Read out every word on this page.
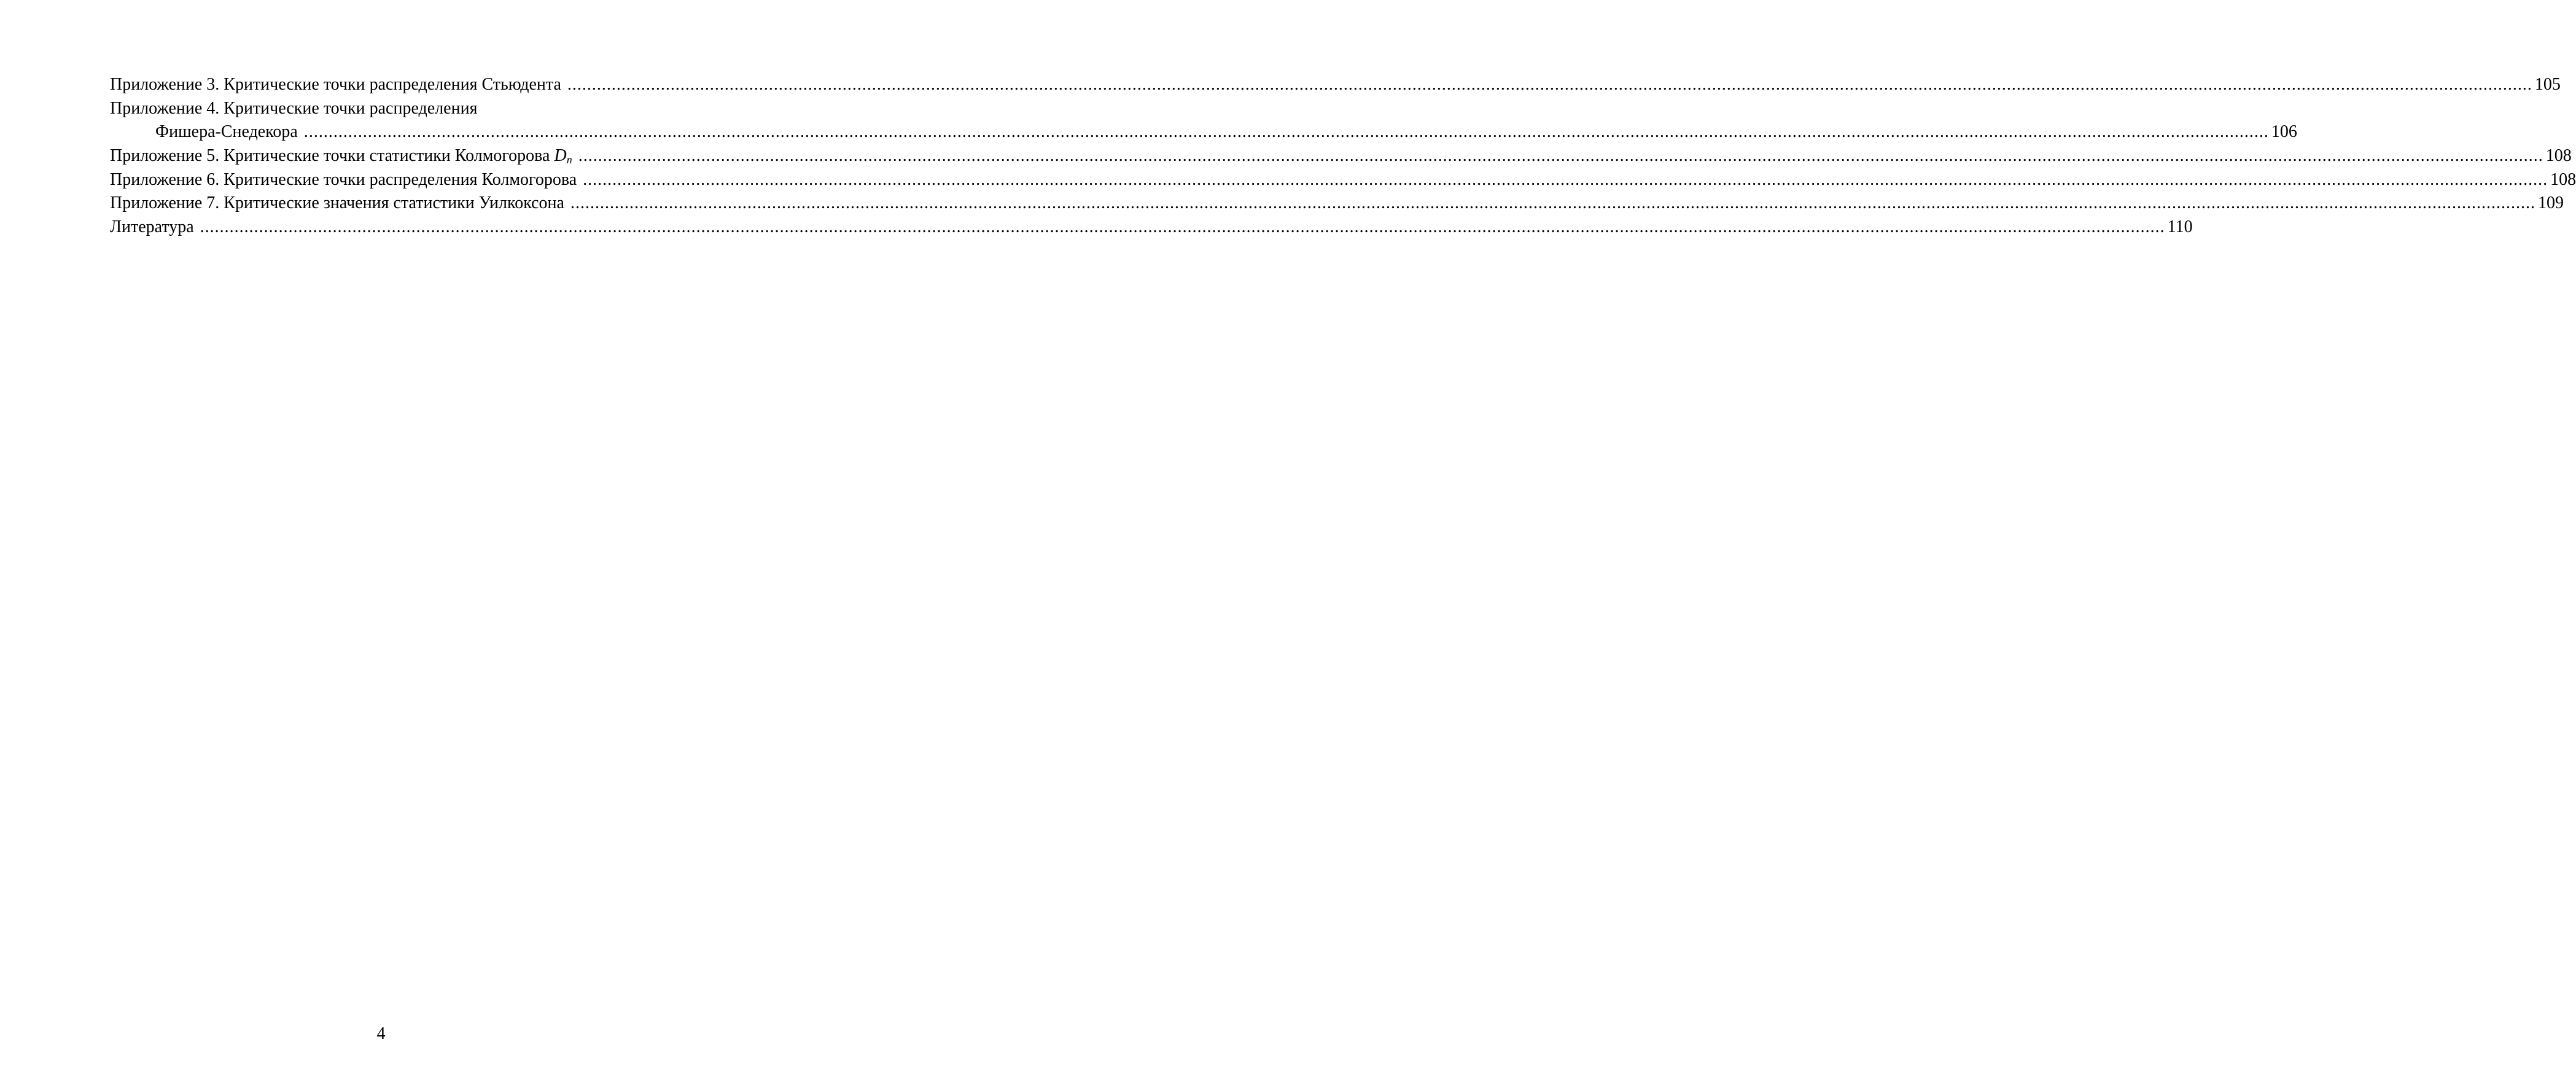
Приложение 3. Критические точки распределения Стьюдента ................................................................................................................................................................................................................................................................................................................................................................................................................ 105
Приложение 4. Критические точки распределения
Фишера-Снедекора ................................................................................................................................................................................................................................................................................................................................................................................................................ 106
Приложение 5. Критические точки статистики Колмогорова $D_n$ ................................................................................................................................................................................................................................................................................................................................................................................................................ 108
Приложение 6. Критические точки распределения Колмогорова ................................................................................................................................................................................................................................................................................................................................................................................................................ 108
Приложение 7. Критические значения статистики Уилкоксона ................................................................................................................................................................................................................................................................................................................................................................................................................ 109
Литература ................................................................................................................................................................................................................................................................................................................................................................................................................ 110
4
